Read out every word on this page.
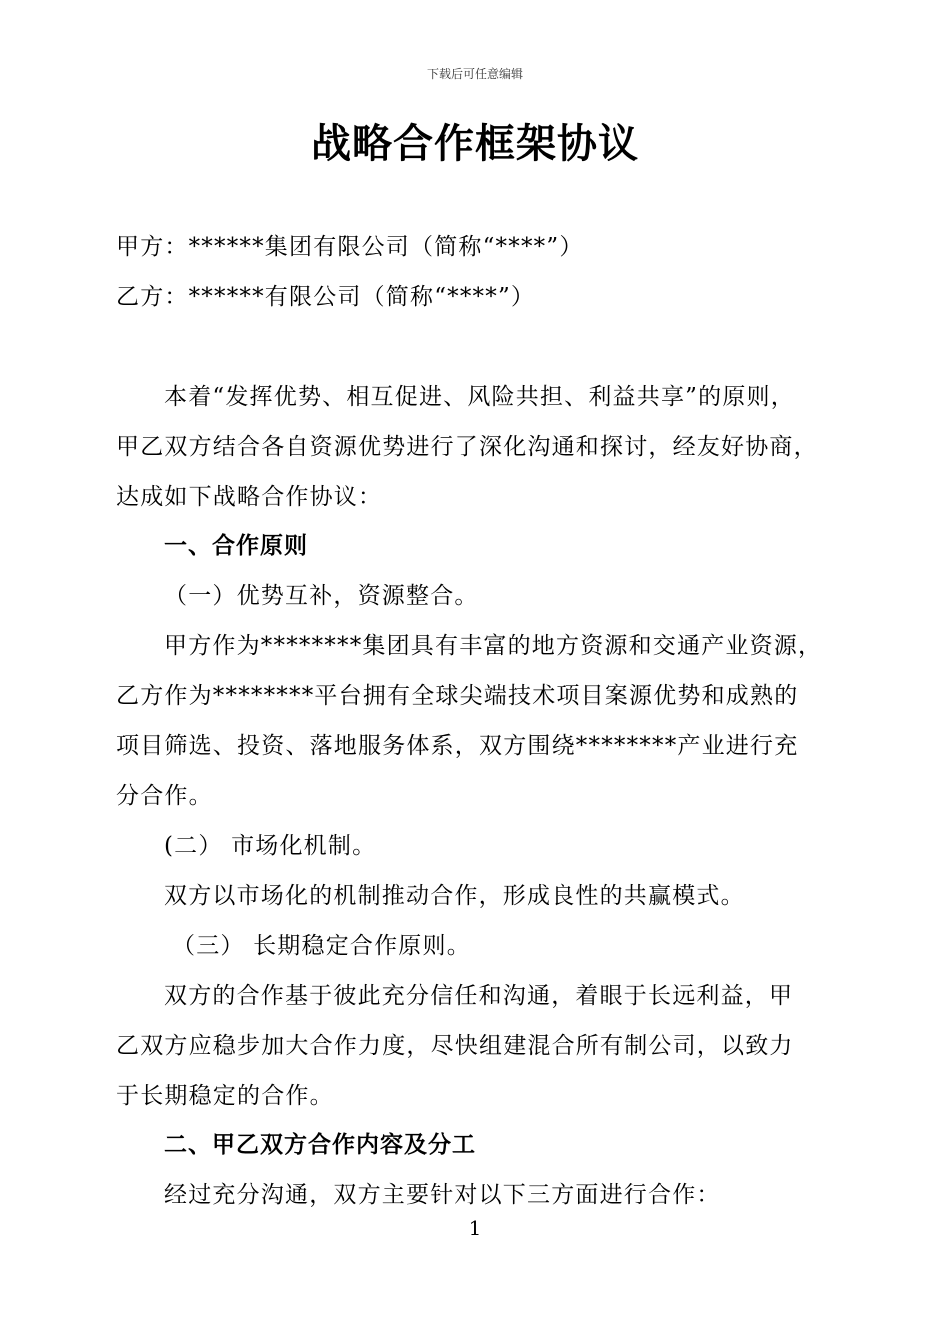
下载后可任意编辑
战略合作框架协议
甲方：******集团有限公司（简称“****”）
乙方：******有限公司（简称“****”）
本着“发挥优势、相互促进、风险共担、利益共享”的原则，
甲乙双方结合各自资源优势进行了深化沟通和探讨，经友好协商，
达成如下战略合作协议：
一、合作原则
（一）优势互补，资源整合。
甲方作为********集团具有丰富的地方资源和交通产业资源，
乙方作为********平台拥有全球尖端技术项目案源优势和成熟的
项目筛选、投资、落地服务体系，双方围绕********产业进行充
分合作。
(二） 市场化机制。
双方以市场化的机制推动合作，形成良性的共赢模式。
（三） 长期稳定合作原则。
双方的合作基于彼此充分信任和沟通，着眼于长远利益，甲
乙双方应稳步加大合作力度，尽快组建混合所有制公司，以致力
于长期稳定的合作。
二、甲乙双方合作内容及分工
经过充分沟通，双方主要针对以下三方面进行合作：
1
